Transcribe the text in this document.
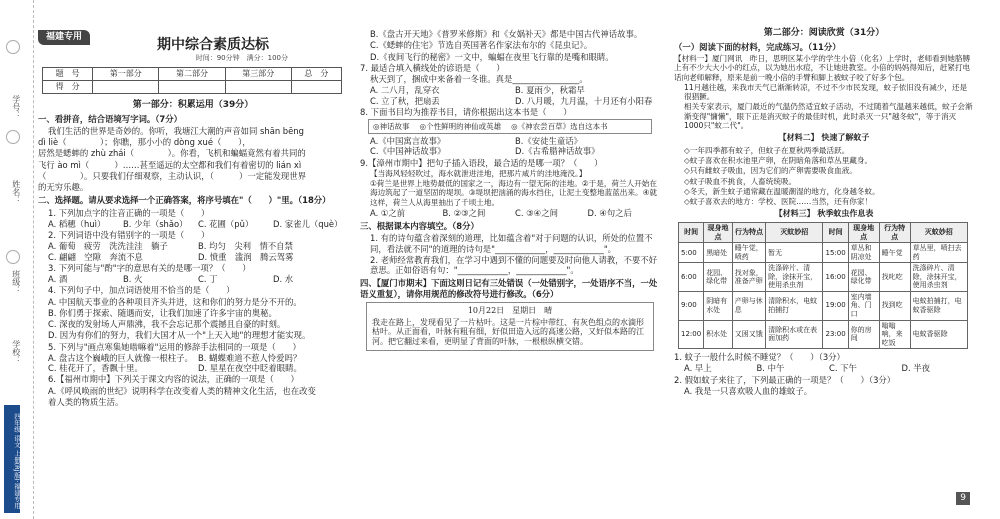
学号：
姓名：
班级：
学校：
四年级 语文 上册(RJ版)·福建专用
福建专用	期中综合素质达标
时间：90分钟　满分：100分
题　号	第一部分	第二部分	第三部分	总　分
得　分				
第一部分：积累运用（39分）
一、看拼音，结合语境写字词。（7分）

我们生活的世界是奇妙的。你听，我塘江大潮的声音如同 shān bēng

dì liè（　　　　）；你瞧，那小小的 dòng xué（　　），

居然是蟋蟀的 zhù zhái（　　　　）。你看，飞机和蝙蝠竟然有着共同的

飞行 ào mì（　　　）……甚至遥远的太空都和我们有着密切的 lián xì

（　　　　）。只要我们仔细观察，主动认识，（　　　）一定能发现世界

的无穷乐趣。

二、选择题。请从要求选择一个正确答案，将序号填在"（　　）"里。（18分）

1. 下列加点字的注音正确的一项是（　　）

A. 稻穗（huì）	B. 少年（shǎo）	C. 花圃（pǔ）	D. 家雀儿（què）

2. 下列词语中没有错别字的一项是（　　）

A. 葡萄　疲劳　洗洗洼洼　躺子	B. 均匀　尖利　情不自禁
C. 翩翩　空隙　奔流不息	D. 愤重　滥润　腾云驾雾

3. 下列可能与"酌"字的意思有关的是哪一项？（　　）

A. 酒	B. 火	C. 丁	D. 水

4. 下列句子中，加点词语使用不恰当的是（　　）

A. 中国航天事业的各种项目齐头并进，这和你们的努力是分不开的。

B. 你们勇于探索、随遇而安，让我们加速了许多宇宙的奥秘。

C. 深夜的发射场人声鼎沸，我不会忘记那个震撼且自豪的时刻。

D. 因为有你们的努力，我们大国才从一个"上天入地"的理想才能实现。

5. 下列与"画点寒集她啮嘛着"运用的修辞手法相同的一项是（　　）

A. 盘古这个巍峨的巨人就像一根柱子。 B. 蝴蝶难道不惹人怜爱吗？
C. 桂花开了，香飘十里。	D. 星星在夜空中眨着眼睛。

6.【福州市期中】下列关于课文内容的说法，正确的一项是（　　）

A.《呼风唤雨的世纪》说明科学在改变着人类的精神文化生活，也在改变

着人类的物质生活。

B.《盘古开天地》《普罗米修斯》和《女娲补天》都是中国古代神话故事。

C.《蟋蟀的住宅》节选自英国著名作家法布尔的《昆虫记》。

D.《夜间飞行的秘密》一文中，蝙蝠在夜里飞行靠的是嘴和眼睛。

7. 最适合填入横线处的谚语是（　　）

秋天到了，捆成中来备着一冬谁。真是________________。

A. 二八月，乱穿衣	B. 夏雨少，秋霜早
C. 立了秋，把扇丢	D. 八月暖，九月温，十月还有小阳春

8. 下面书目均为推荐书目，请你根据出这本书是（　　）

◎神话故事 ◎个性鲜明的神仙或英雄 ◎《神农尝百草》选自这本书
A.《中国寓言故事》	B.《安徒生童话》
C.《中国神话故事》	D.《古希腊神话故事》

9.【漳州市期中】把句子插入语段，最合适的是哪一项？（　　）

【当海风轻轻吹过，海水就泄进洼地，把那片咸片的洼地淹没。】

①荷兰是世界上地势最低的国家之一，海边有一望无际的洼地。②于是，荷兰人开始在海边筑起了一道坚固的堤坝。③堤坝把汹涌的海水挡住，让泥土变整地蓝蓝出来。④就这样，荷兰人从海里抽出了千顷土地。

A. ①之前	B. ②③之间	C. ③④之间	D. ④句之后
三、根据课本内容填空。（8分）

1. 有的诗句蕴含着深刻的道理，比如蕴含着"对于问题的认识，所处的位置不同，看法就不同"的道理的诗句是"____________，____________"。

2. 老师经常教育我们，在学习中遇到不懂的问题要及时向他人请教，不要不好意思。正如俗语有句："____________，____________"。

四、【厦门市期末】下面这则日记有三处错误（一处错别字，一处语序不当，一处语义重复），请你用规范的修改符号进行修改。（6分）
10月22日　星期日　晴
我走在路上，发现看见了一片枯叶。这是一片棕中带红、有灰色组点的水滴形枯叶。从正面看，叶脉有粗有细，好似田造入远的高速公路，又好似本路的江河。把它翻过来看，更明显了背面的叶脉，一根根纵横交错。
第二部分：阅读欣赏（31分）
（一）阅读下面的材料，完成练习。（11分）

【材料一】厦门网讯　昨日，思明区某小学的学生小倍（化名）上学时，老师看到她胳膊上有不少大大小小的红点，以为她出水痘，不让她进教室。小倍的妈妈得知后，赶紧打电话向老师解释，原来是前一晚小倍的手臂和脚上被蚊子咬了好多个包。

11月越往越，来我市天气已渐渐转凉，不过不少市民发现，蚊子依旧没有减少，还是很猖獗。

相关专家表示，厦门最近的气温仍然适宜蚊子活动，不过随着气温越来越低，蚊子会渐渐变得"慵懒"，眼下正是消灭蚊子的最佳时机，此时杀灭一只"越冬蚊"，等于消灭1000只"蚊二代"。

【材料二】 快速了解蚊子

◇一年四季都有蚊子，但蚊子在夏秋两季最活跃。

◇蚊子喜欢在积水池里产卵，在阴暗角落和草丛里藏身。

◇只有雌蚊子吸血，因为它们的产卵需要吸食血液。

◇蚊子吸血不挑食，人畜统统吸。

◇冬天，新生蚊子通常藏在温暖潮湿的地方，化身越冬蚊。

◇蚊子喜欢去的地方：学校、医院……当然，还有你家！

【材料三】 秋季蚊虫作息表
时间	现身地点	行为特点	灭蚊妙招	时间	现身地点	行为特点	灭蚊妙招
5:00	黑暗处	睡午觉，喷药	暂无	15:00	草丛和阴凉处	睡午觉	草丛里，喷扫去药
6:00	花园、绿化带	找对象，准备产卵	洗涤碎片、清除，涂抹开宝，使用杀虫剂	16:00	花园、绿化带	找叱吃	洗涤碎片、清除，涂抹开宝，使用杀虫剂
9:00	阴暗有水处	产卵与休息	清除积水，电蚊拍捕打	19:00	室内墙角、门口	找到吃	电蚊拍捕打，电蚊香驱除
12:00	积水处	又困又饿	清除积水或在表面加药	23:00	你的房间	嗡嗡响，来吃饭	电蚊香驱除

1. 蚊子一般什么时候不睡觉？（　　）（3分）

A. 早上	B. 中午	C. 下午	D. 半夜

2. 假如蚊子来往了，下列最正确的一项是？（　　）（3分）

A. 我是一只喜欢吸人血的雄蚊子。

9
